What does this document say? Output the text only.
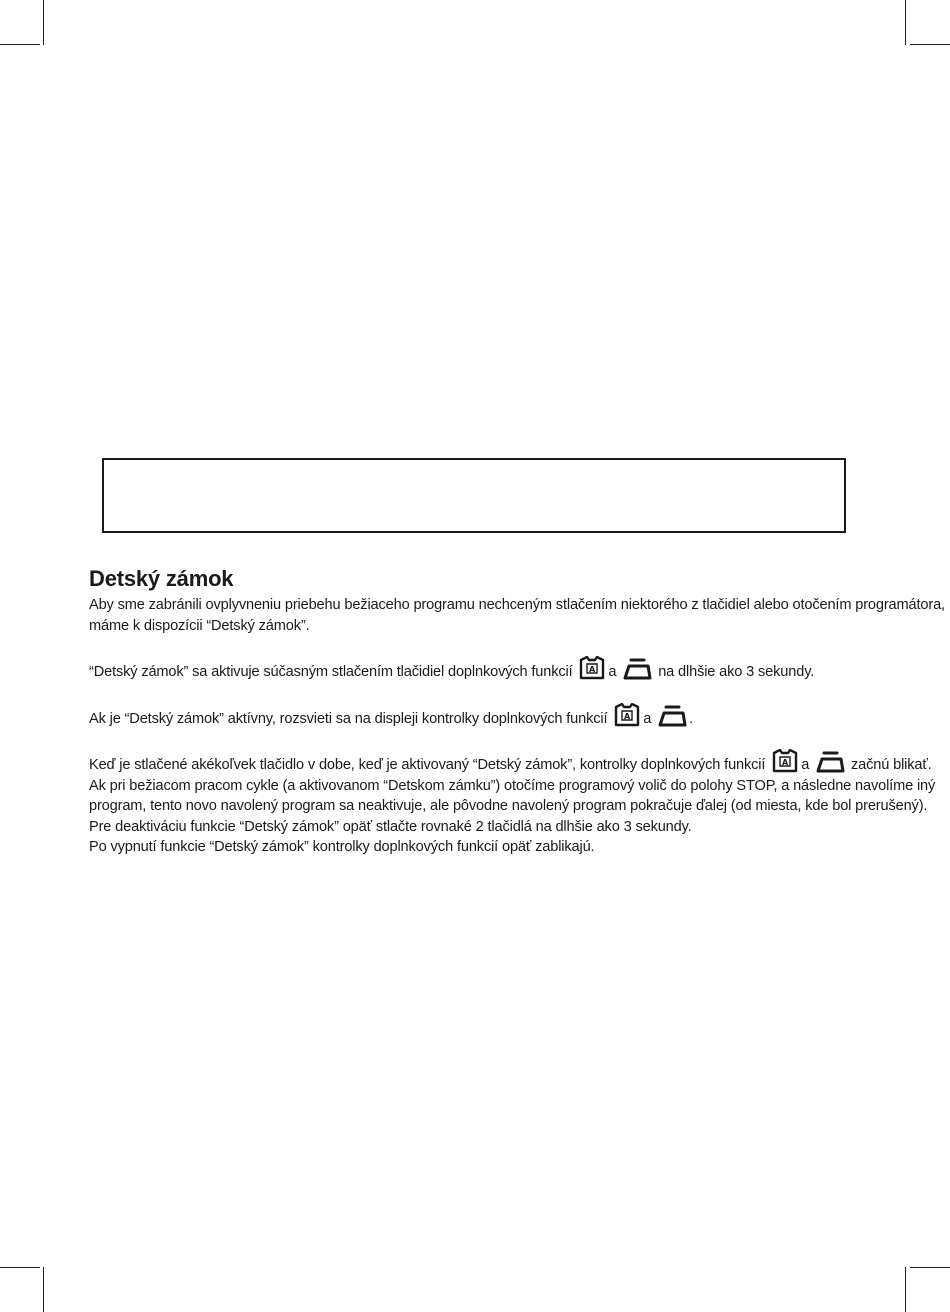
Detský zámok

Aby sme zabránili ovplyvneniu priebehu bežiaceho programu nechceným stlačením niektorého z tlačidiel alebo otočením programátora, máme k dispozícii “Detský zámok”.

“Detský zámok” sa aktivuje súčasným stlačením tlačidiel doplnkových funkcií A a	na dlhšie ako 3 sekundy.

Ak je “Detský zámok” aktívny, rozsvieti sa na displeji kontrolky doplnkových funkcií A a	.

Keď je stlačené akékoľvek tlačidlo v dobe, keď je aktivovaný “Detský zámok”, kontrolky doplnkových funkcií A a	začnú blikať. Ak pri bežiacom pracom cykle (a aktivovanom “Detskom zámku”) otočíme programový volič do polohy STOP, a následne navolíme iný program, tento novo navolený program sa neaktivuje, ale pôvodne navolený program pokračuje ďalej (od miesta, kde bol prerušený). Pre deaktiváciu funkcie “Detský zámok” opäť stlačte rovnaké 2 tlačidlá na dlhšie ako 3 sekundy.
Po vypnutí funkcie “Detský zámok” kontrolky doplnkových funkcií opäť zablikajú.
